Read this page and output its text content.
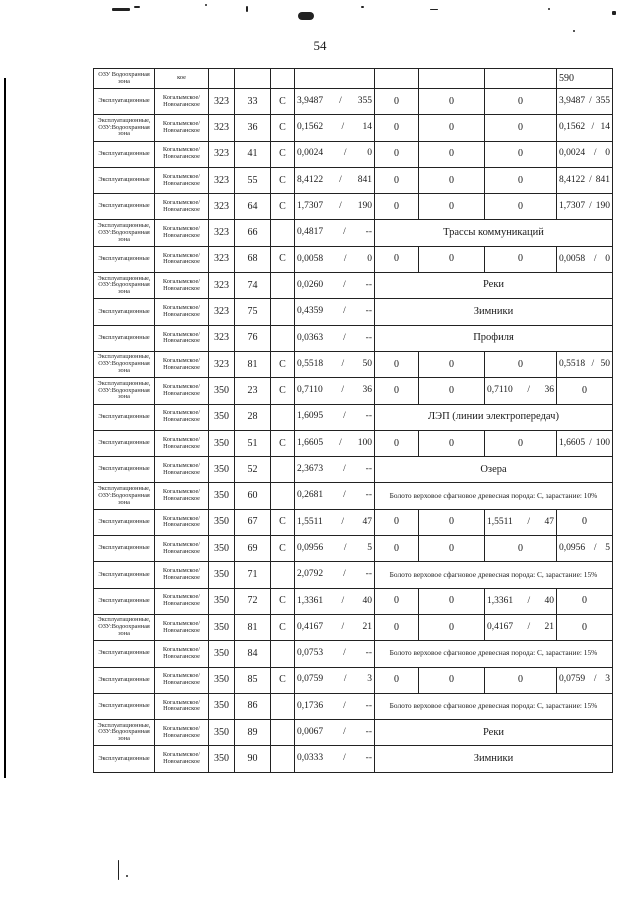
54
ОЗУ Водоохранная зона	кое								590
Эксплуатационные	Когалымское/Новоаганское	323	33	С	3,9487 / 355	0	0	0	3,9487 / 355

Эксплуатационные, ОЗУ:Водоохранная зона	Когалымское/Новоаганское	323	36	С	0,1562 / 14	0	0	0	0,1562 / 14

Эксплуатационные	Когалымское/Новоаганское	323	41	С	0,0024 / 0	0	0	0	0,0024 / 0

Эксплуатационные	Когалымское/Новоаганское	323	55	С	8,4122 / 841	0	0	0	8,4122 / 841

Эксплуатационные	Когалымское/Новоаганское	323	64	С	1,7307 / 190	0	0	0	1,7307 / 190

Эксплуатационные, ОЗУ:Водоохранная зона	Когалымское/Новоаганское	323	66		0,4817 / --	Трассы коммуникаций			
Эксплуатационные	Когалымское/Новоаганское	323	68	С	0,0058 / 0	0	0	0	0,0058 / 0

Эксплуатационные, ОЗУ:Водоохранная зона	Когалымское/Новоаганское	323	74		0,0260 / --	Реки			
Эксплуатационные	Когалымское/Новоаганское	323	75		0,4359 / --	Зимники			
Эксплуатационные	Когалымское/Новоаганское	323	76		0,0363 / --	Профиля			
Эксплуатационные, ОЗУ:Водоохранная зона	Когалымское/Новоаганское	323	81	С	0,5518 / 50	0	0	0	0,5518 / 50

Эксплуатационные, ОЗУ:Водоохранная зона	Когалымское/Новоаганское	350	23	С	0,7110 / 36	0	0	0,7110 / 36	0
Эксплуатационные	Когалымское/Новоаганское	350	28		1,6095 / --	ЛЭП (линии электропередач)			
Эксплуатационные	Когалымское/Новоаганское	350	51	С	1,6605 / 100	0	0	0	1,6605 / 100

Эксплуатационные	Когалымское/Новоаганское	350	52		2,3673 / --	Озера			
Эксплуатационные, ОЗУ:Водоохранная зона	Когалымское/Новоаганское	350	60		0,2681 / --	Болото верховое сфагновое древесная порода: С, зарастание: 10%			
Эксплуатационные	Когалымское/Новоаганское	350	67	С	1,5511 / 47	0	0	1,5511 / 47	0
Эксплуатационные	Когалымское/Новоаганское	350	69	С	0,0956 / 5	0	0	0	0,0956 / 5

Эксплуатационные	Когалымское/Новоаганское	350	71		2,0792 / --	Болото верховое сфагновое древесная порода: С, зарастание: 15%			
Эксплуатационные	Когалымское/Новоаганское	350	72	С	1,3361 / 40	0	0	1,3361 / 40	0
Эксплуатационные, ОЗУ:Водоохранная зона	Когалымское/Новоаганское	350	81	С	0,4167 / 21	0	0	0,4167 / 21	0
Эксплуатационные	Когалымское/Новоаганское	350	84		0,0753 / --	Болото верховое сфагновое древесная порода: С, зарастание: 15%			
Эксплуатационные	Когалымское/Новоаганское	350	85	С	0,0759 / 3	0	0	0	0,0759 / 3

Эксплуатационные	Когалымское/Новоаганское	350	86		0,1736 / --	Болото верховое сфагновое древесная порода: С, зарастание: 15%			
Эксплуатационные, ОЗУ:Водоохранная зона	Когалымское/Новоаганское	350	89		0,0067 / --	Реки			
Эксплуатационные	Когалымское/Новоаганское	350	90		0,0333 / --	Зимники			
